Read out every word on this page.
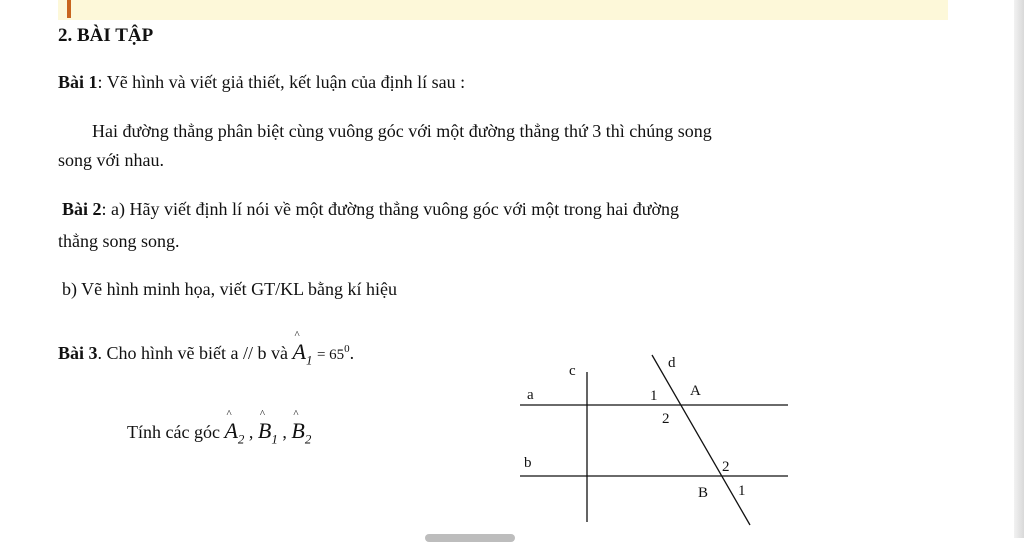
2. BÀI TẬP
Bài 1: Vẽ hình và viết giả thiết, kết luận của định lí sau :
Hai đường thẳng phân biệt cùng vuông góc với một đường thẳng thứ 3 thì chúng song
song với nhau.
Bài 2: a) Hãy viết định lí nói về một đường thẳng vuông góc với một trong hai đường
thẳng song song.
b) Vẽ hình minh họa, viết GT/KL bằng kí hiệu
Bài 3. Cho hình vẽ biết a // b và ^ $A_1 = 65^0$.
Tính các góc ^ $A_2$ , ^ $B_1$ , ^ $B_2$
c	d
a
b
A
1
2
B
2
1
